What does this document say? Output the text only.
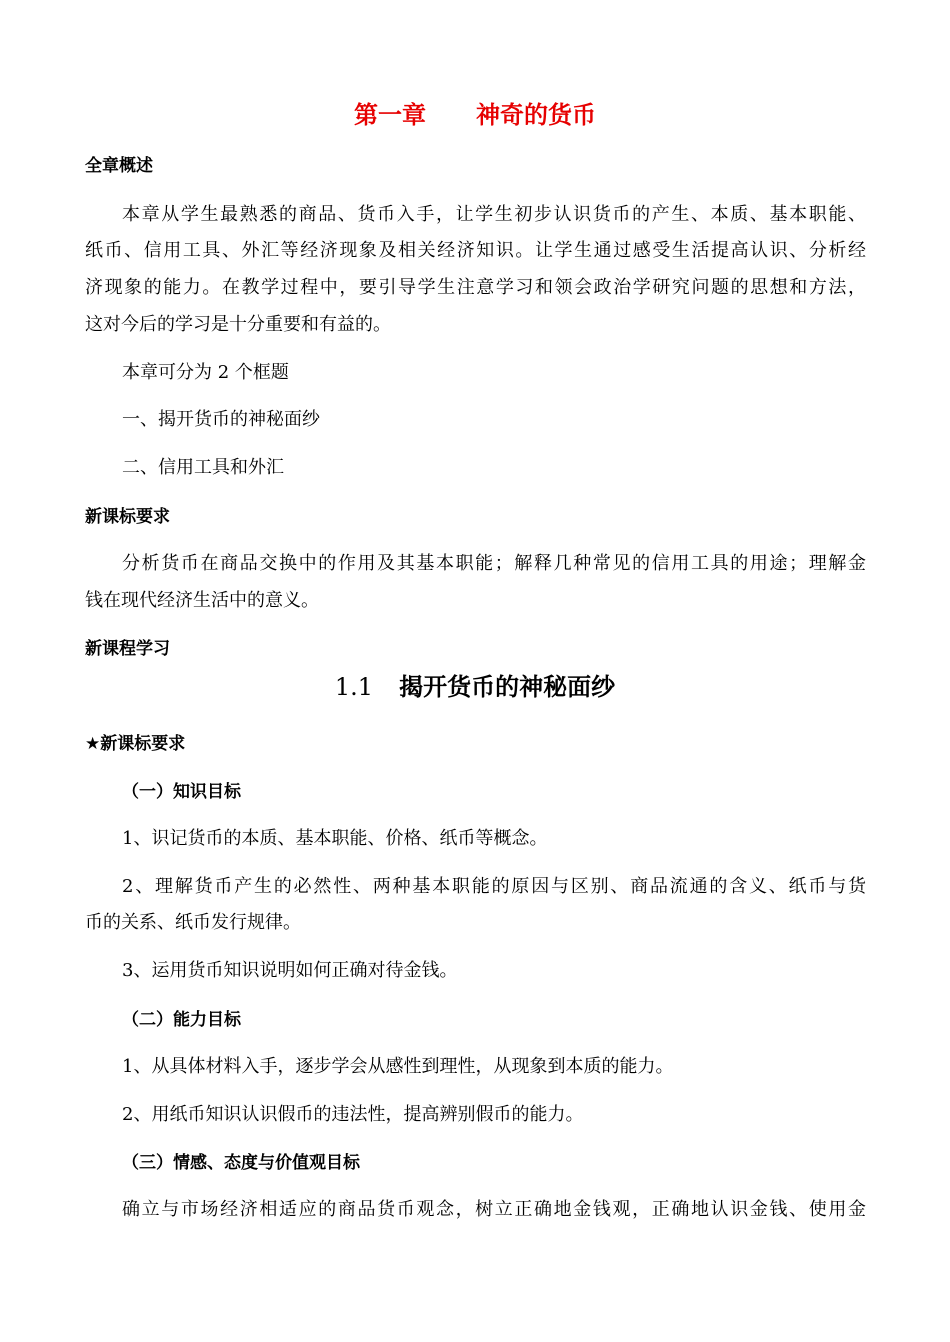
第一章 神奇的货币
全章概述
本章从学生最熟悉的商品、货币入手，让学生初步认识货币的产生、本质、基本职能、
纸币、信用工具、外汇等经济现象及相关经济知识。让学生通过感受生活提高认识、分析经
济现象的能力。在教学过程中，要引导学生注意学习和领会政治学研究问题的思想和方法，
这对今后的学习是十分重要和有益的。
本章可分为 2 个框题
一、揭开货币的神秘面纱
二、信用工具和外汇
新课标要求
分析货币在商品交换中的作用及其基本职能；解释几种常见的信用工具的用途；理解金
钱在现代经济生活中的意义。
新课程学习
1.1 揭开货币的神秘面纱
★新课标要求
（一）知识目标
1、识记货币的本质、基本职能、价格、纸币等概念。
2、理解货币产生的必然性、两种基本职能的原因与区别、商品流通的含义、纸币与货
币的关系、纸币发行规律。
3、运用货币知识说明如何正确对待金钱。
（二）能力目标
1、从具体材料入手，逐步学会从感性到理性，从现象到本质的能力。
2、用纸币知识认识假币的违法性，提高辨别假币的能力。
（三）情感、态度与价值观目标
确立与市场经济相适应的商品货币观念，树立正确地金钱观，正确地认识金钱、使用金
